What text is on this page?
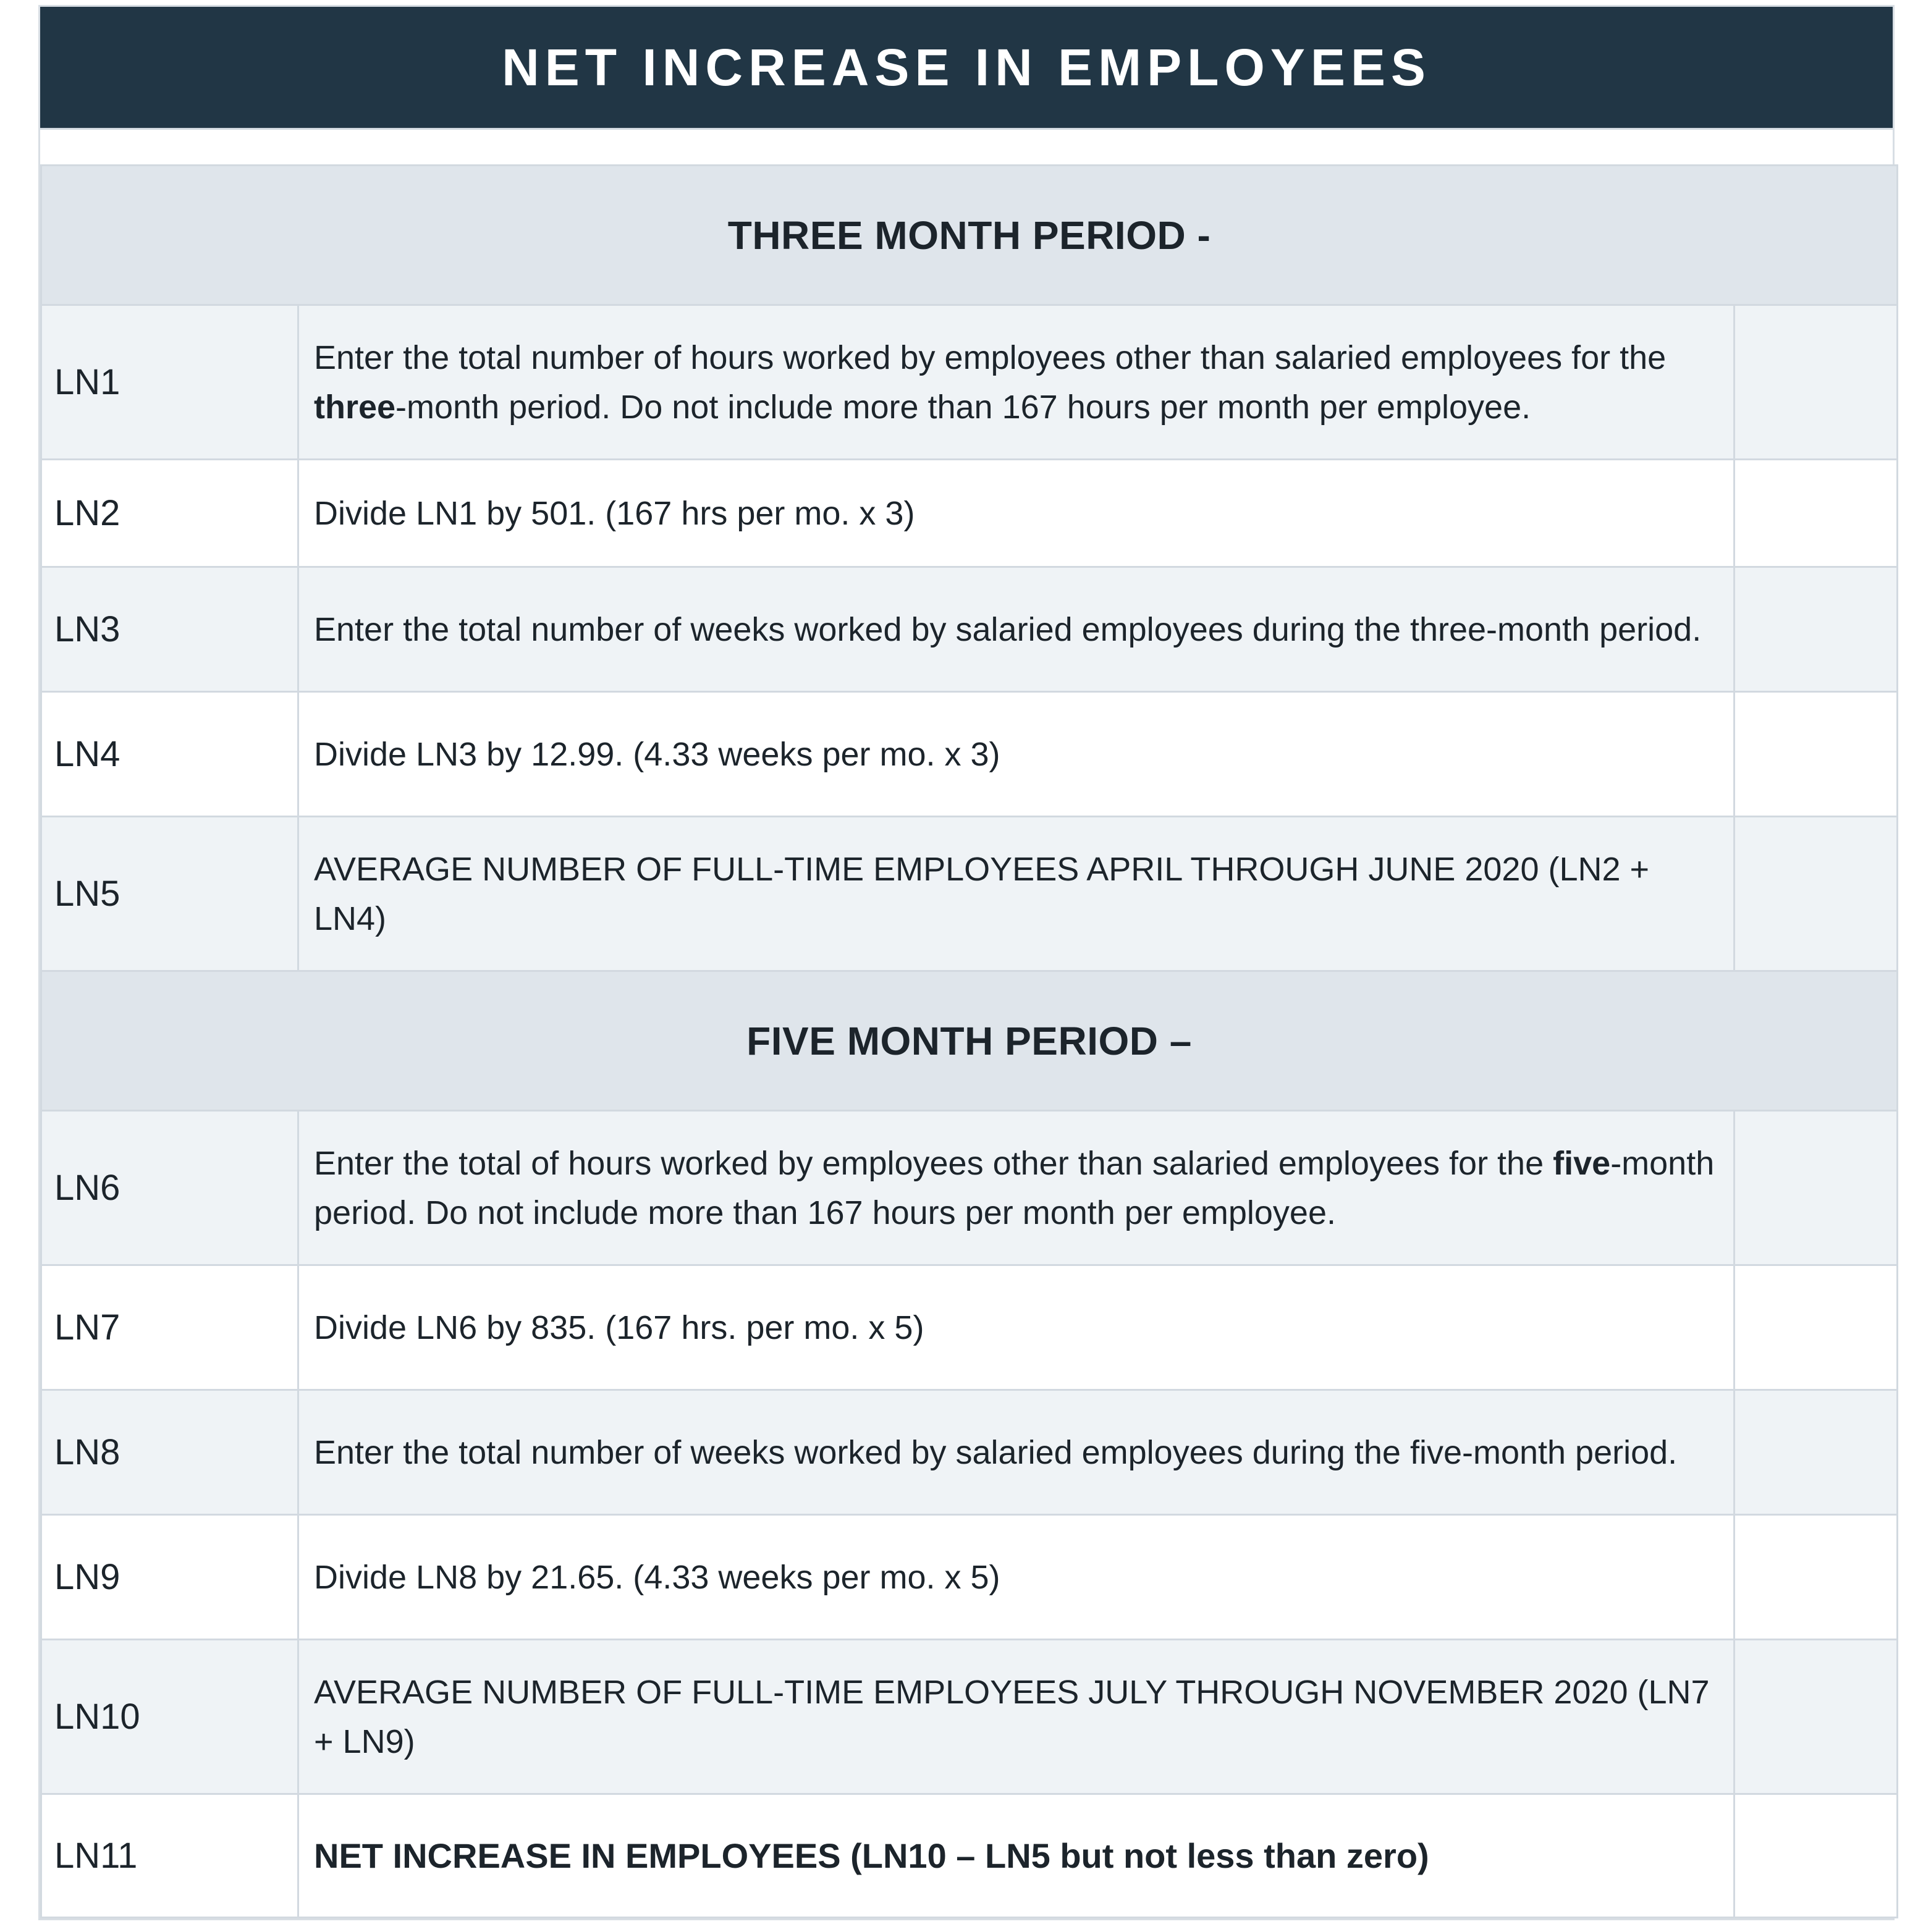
NET INCREASE IN EMPLOYEES
THREE MONTH PERIOD -		
LN1	Enter the total number of hours worked by employees other than salaried employees for the three-month period. Do not include more than 167 hours per month per employee.	
LN2	Divide LN1 by 501. (167 hrs per mo. x 3)	
LN3	Enter the total number of weeks worked by salaried employees during the three-month period.	
LN4	Divide LN3 by 12.99. (4.33 weeks per mo. x 3)	
LN5	AVERAGE NUMBER OF FULL-TIME EMPLOYEES APRIL THROUGH JUNE 2020 (LN2 + LN4)	
FIVE MONTH PERIOD –		
LN6	Enter the total of hours worked by employees other than salaried employees for the five-month period. Do not include more than 167 hours per month per employee.	
LN7	Divide LN6 by 835. (167 hrs. per mo. x 5)	
LN8	Enter the total number of weeks worked by salaried employees during the five-month period.	
LN9	Divide LN8 by 21.65. (4.33 weeks per mo. x 5)	
LN10	AVERAGE NUMBER OF FULL-TIME EMPLOYEES JULY THROUGH NOVEMBER 2020 (LN7 + LN9)	
LN11	NET INCREASE IN EMPLOYEES (LN10 – LN5 but not less than zero)	
